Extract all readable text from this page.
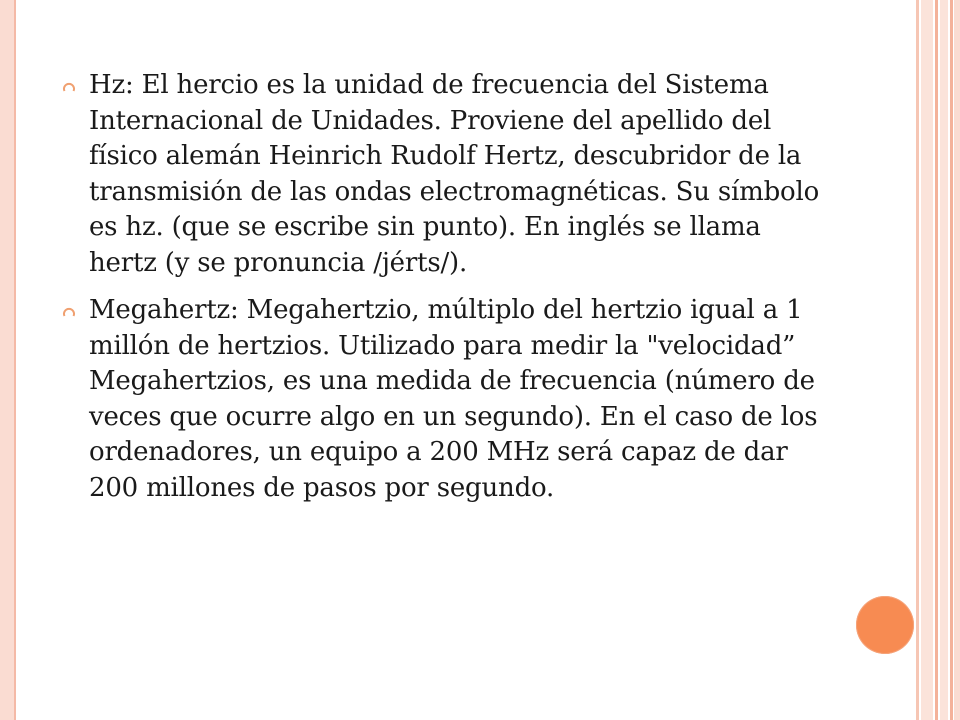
Hz: El hercio es la unidad de frecuencia del Sistema Internacional de Unidades. Proviene del apellido del físico alemán Heinrich Rudolf Hertz, descubridor de la transmisión de las ondas electromagnéticas. Su símbolo es hz. (que se escribe sin punto). En inglés se llama hertz (y se pronuncia /jérts/).
Megahertz: Megahertzio, múltiplo del hertzio igual a 1 millón de hertzios. Utilizado para medir la "velocidad” Megahertzios, es una medida de frecuencia (número de veces que ocurre algo en un segundo). En el caso de los ordenadores, un equipo a 200 MHz será capaz de dar 200 millones de pasos por segundo.
